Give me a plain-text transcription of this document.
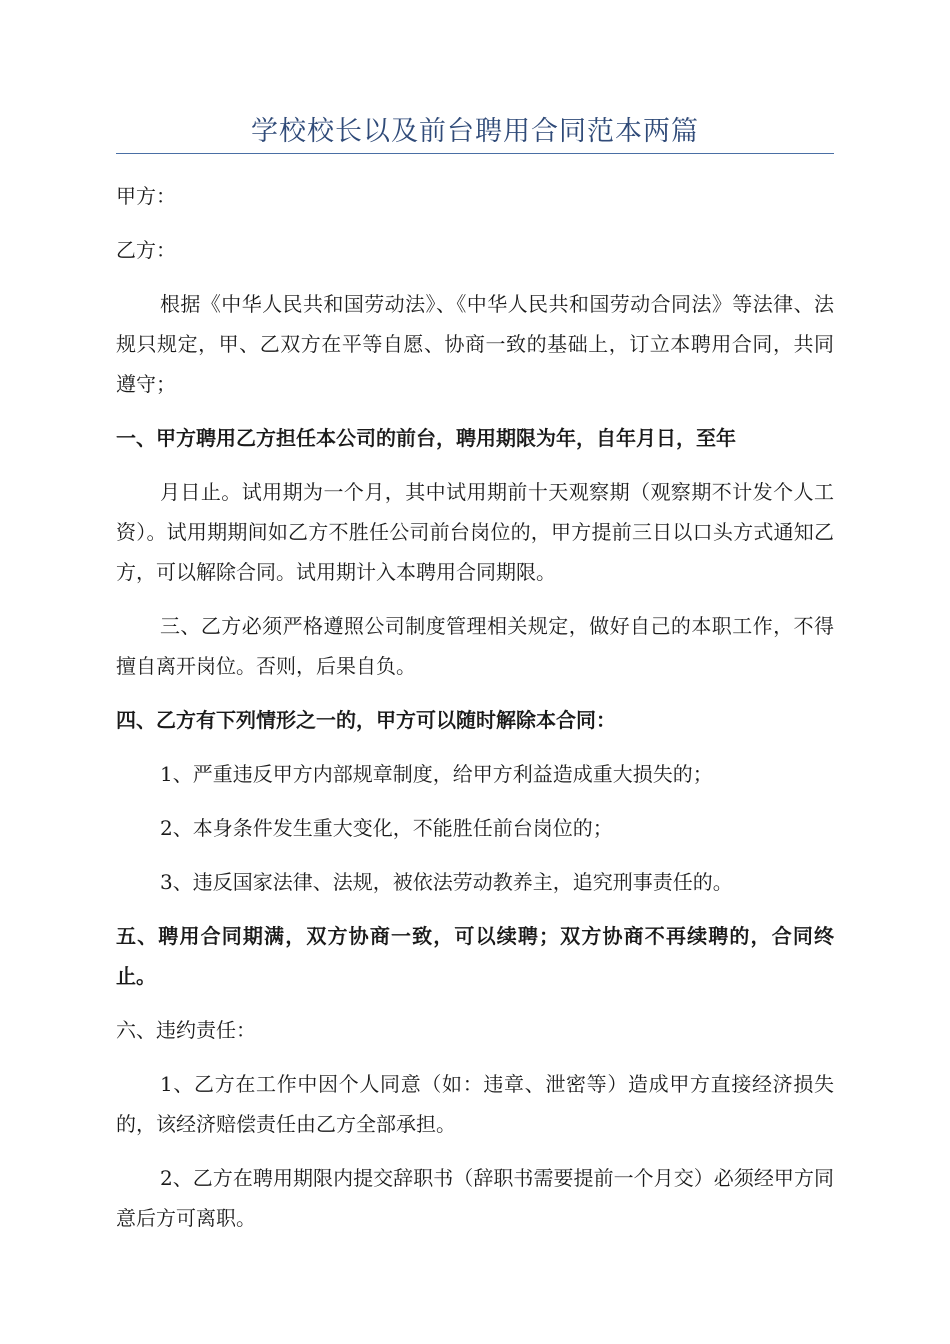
学校校长以及前台聘用合同范本两篇

甲方：

乙方：

根据《中华人民共和国劳动法》、《中华人民共和国劳动合同法》等法律、法规只规定，甲、乙双方在平等自愿、协商一致的基础上，订立本聘用合同，共同遵守；

一、甲方聘用乙方担任本公司的前台，聘用期限为年，自年月日，至年

月日止。试用期为一个月，其中试用期前十天观察期（观察期不计发个人工资）。试用期期间如乙方不胜任公司前台岗位的，甲方提前三日以口头方式通知乙方，可以解除合同。试用期计入本聘用合同期限。

三、乙方必须严格遵照公司制度管理相关规定，做好自己的本职工作，不得擅自离开岗位。否则，后果自负。

四、乙方有下列情形之一的，甲方可以随时解除本合同：

1、严重违反甲方内部规章制度，给甲方利益造成重大损失的；

2、本身条件发生重大变化，不能胜任前台岗位的；

3、违反国家法律、法规，被依法劳动教养主，追究刑事责任的。

五、聘用合同期满，双方协商一致，可以续聘；双方协商不再续聘的，合同终止。

六、违约责任：

1、乙方在工作中因个人同意（如：违章、泄密等）造成甲方直接经济损失的，该经济赔偿责任由乙方全部承担。

2、乙方在聘用期限内提交辞职书（辞职书需要提前一个月交）必须经甲方同意后方可离职。
